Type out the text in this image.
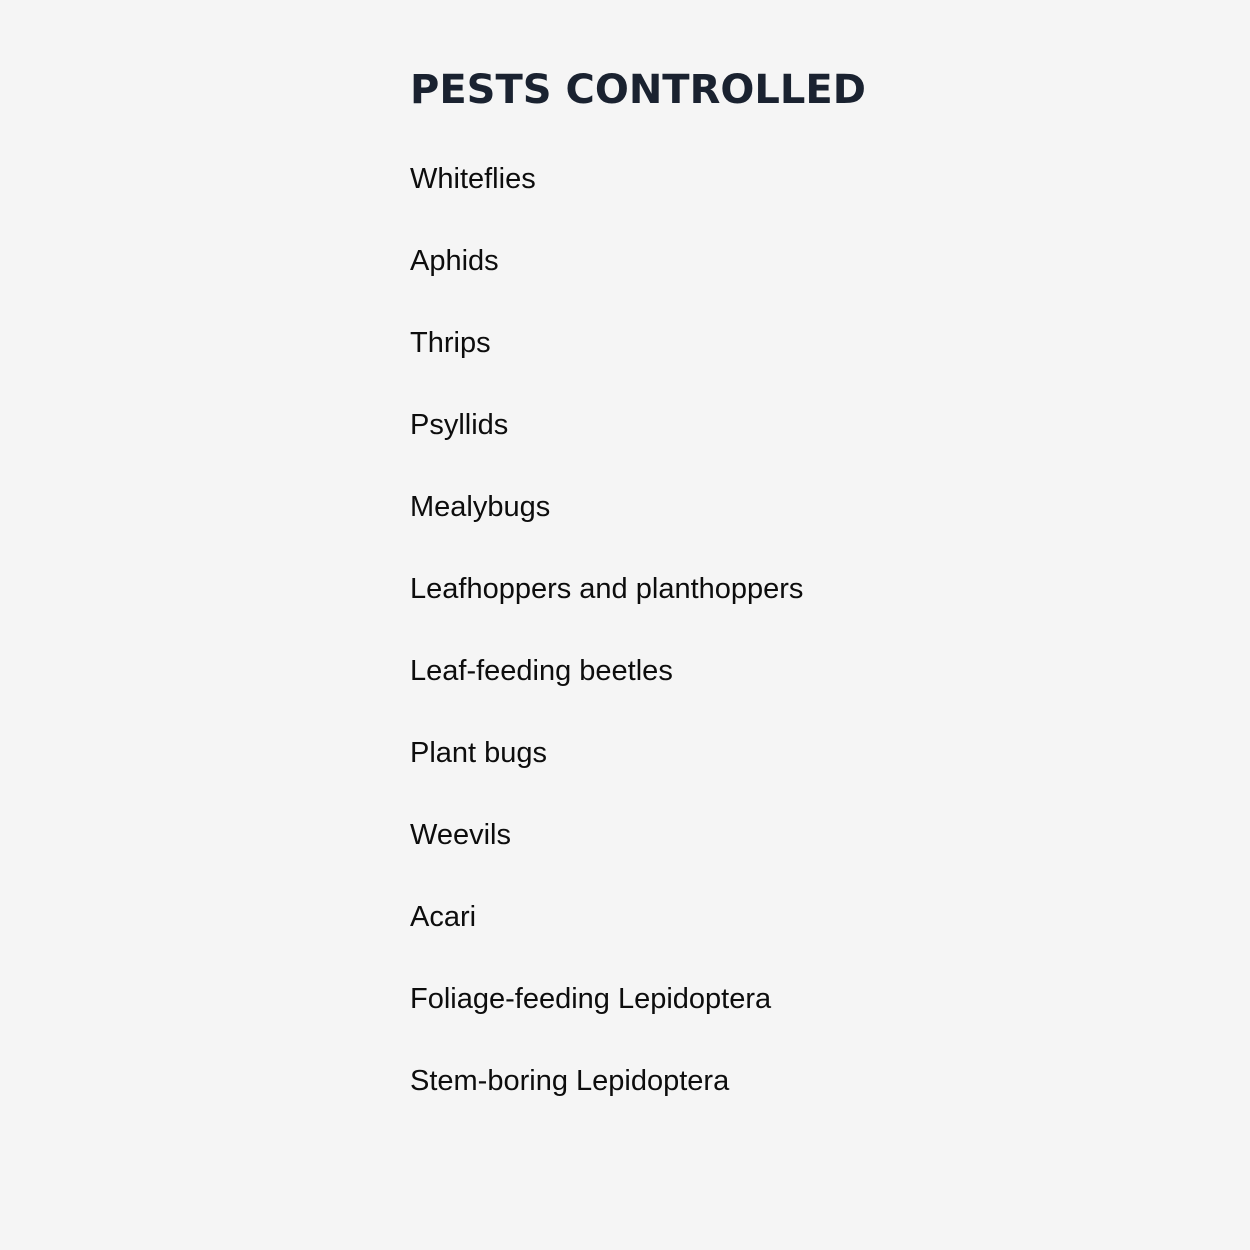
PESTS CONTROLLED
Whiteflies
Aphids
Thrips
Psyllids
Mealybugs
Leafhoppers and planthoppers
Leaf-feeding beetles
Plant bugs
Weevils
Acari
Foliage-feeding Lepidoptera
Stem-boring Lepidoptera
